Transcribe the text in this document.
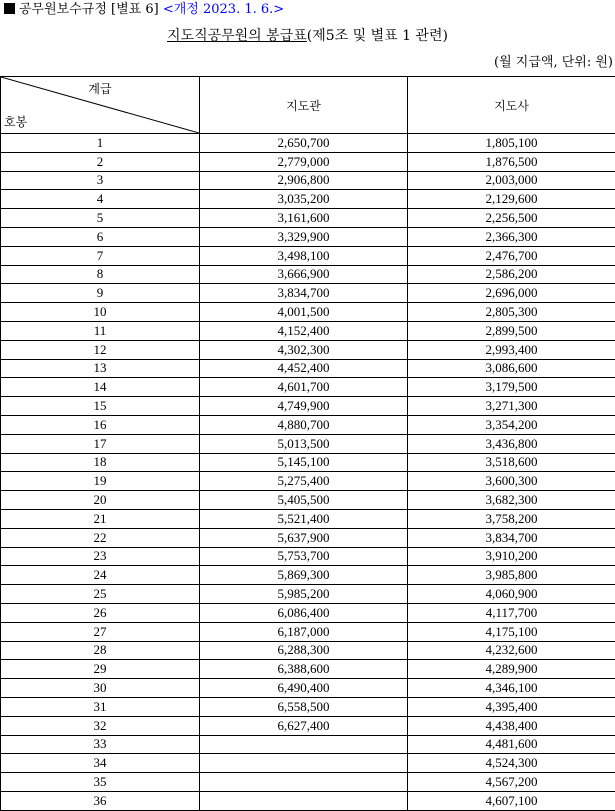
공무원보수규정 [별표 6] <개정 2023. 1. 6.>
지도직공무원의 봉급표(제5조 및 별표 1 관련)
(월 지급액, 단위: 원)
계급
호봉	지도관	지도사
1	2,650,700	1,805,100
2	2,779,000	1,876,500
3	2,906,800	2,003,000
4	3,035,200	2,129,600
5	3,161,600	2,256,500
6	3,329,900	2,366,300
7	3,498,100	2,476,700
8	3,666,900	2,586,200
9	3,834,700	2,696,000
10	4,001,500	2,805,300
11	4,152,400	2,899,500
12	4,302,300	2,993,400
13	4,452,400	3,086,600
14	4,601,700	3,179,500
15	4,749,900	3,271,300
16	4,880,700	3,354,200
17	5,013,500	3,436,800
18	5,145,100	3,518,600
19	5,275,400	3,600,300
20	5,405,500	3,682,300
21	5,521,400	3,758,200
22	5,637,900	3,834,700
23	5,753,700	3,910,200
24	5,869,300	3,985,800
25	5,985,200	4,060,900
26	6,086,400	4,117,700
27	6,187,000	4,175,100
28	6,288,300	4,232,600
29	6,388,600	4,289,900
30	6,490,400	4,346,100
31	6,558,500	4,395,400
32	6,627,400	4,438,400
33		4,481,600
34		4,524,300
35		4,567,200
36		4,607,100
